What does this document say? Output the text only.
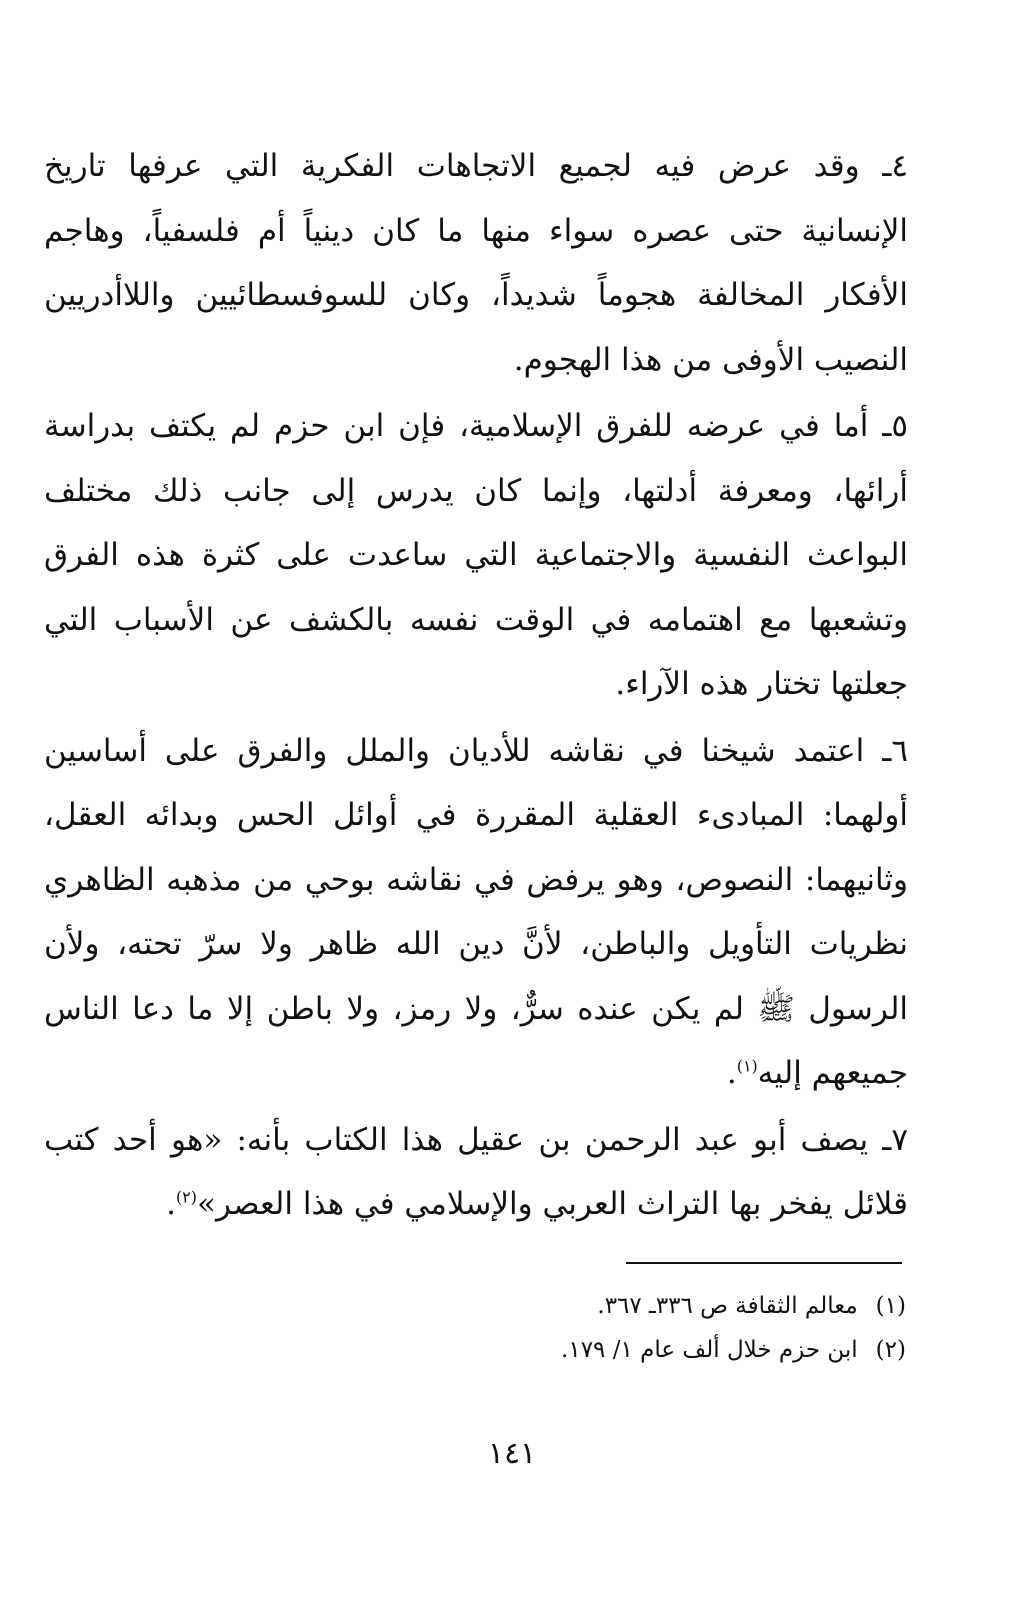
٤ـ وقد عرض فيه لجميع الاتجاهات الفكرية التي عرفها تاريخ الإنسانية حتى عصره سواء منها ما كان دينياً أم فلسفياً، وهاجم الأفكار المخالفة هجوماً شديداً، وكان للسوفسطائيين واللاأدريين النصيب الأوفى من هذا الهجوم.

٥ـ أما في عرضه للفرق الإسلامية، فإن ابن حزم لم يكتف بدراسة أرائها، ومعرفة أدلتها، وإنما كان يدرس إلى جانب ذلك مختلف البواعث النفسية والاجتماعية التي ساعدت على كثرة هذه الفرق وتشعبها مع اهتمامه في الوقت نفسه بالكشف عن الأسباب التي جعلتها تختار هذه الآراء.

٦ـ اعتمد شيخنا في نقاشه للأديان والملل والفرق على أساسين أولهما: المبادىء العقلية المقررة في أوائل الحس وبدائه العقل، وثانيهما: النصوص، وهو يرفض في نقاشه بوحي من مذهبه الظاهري نظريات التأويل والباطن، لأنَّ دين الله ظاهر ولا سرّ تحته، ولأن الرسول ﷺ لم يكن عنده سرٌّ، ولا رمز، ولا باطن إلا ما دعا الناس جميعهم إليه$^{(١)}$.

٧ـ يصف أبو عبد الرحمن بن عقيل هذا الكتاب بأنه: «هو أحد كتب قلائل يفخر بها التراث العربي والإسلامي في هذا العصر»$^{(٢)}$.

(١)معالم الثقافة ص ٣٣٦ـ ٣٦٧.
(٢)ابن حزم خلال ألف عام ١/ ١٧٩.
١٤١
